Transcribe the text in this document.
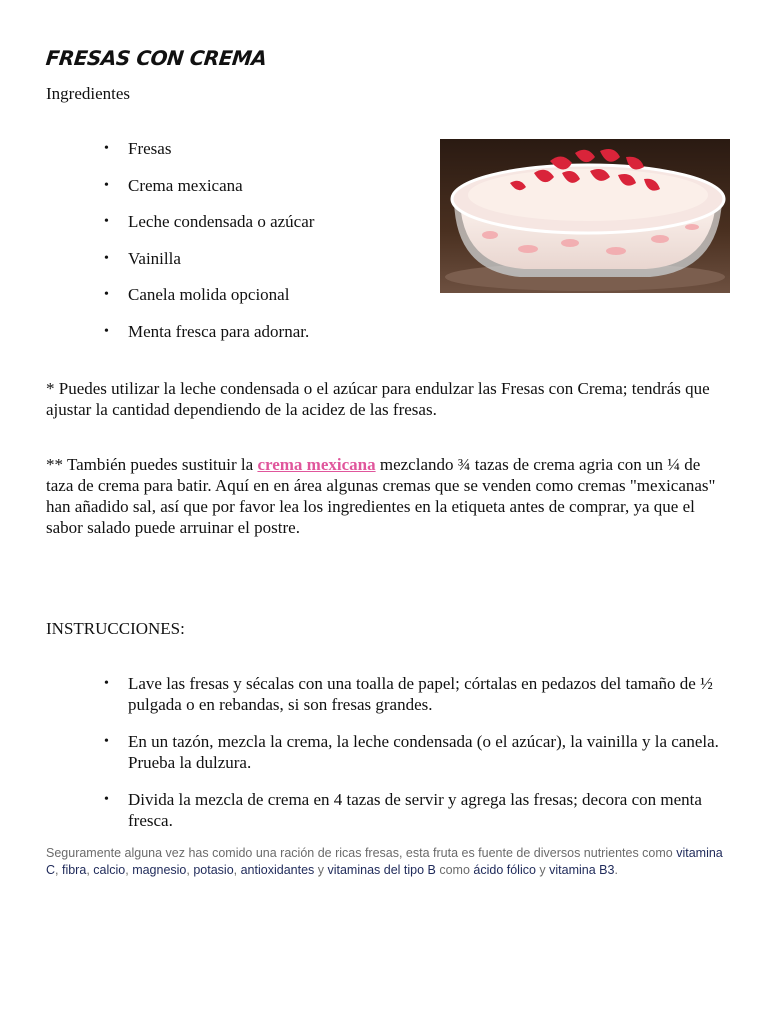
FRESAS CON CREMA
Ingredientes
• Fresas
• Crema mexicana
• Leche condensada o azúcar
• Vainilla
• Canela molida opcional
• Menta fresca para adornar.

* Puedes utilizar la leche condensada o el azúcar para endulzar las Fresas con Crema; tendrás que ajustar la cantidad dependiendo de la acidez de las fresas.

** También puedes sustituir la crema mexicana mezclando ¾ tazas de crema agria con un ¼ de taza de crema para batir. Aquí en en área algunas cremas que se venden como cremas "mexicanas" han añadido sal, así que por favor lea los ingredientes en la etiqueta antes de comprar, ya que el sabor salado puede arruinar el postre.

INSTRUCCIONES:
• Lave las fresas y sécalas con una toalla de papel; córtalas en pedazos del tamaño de ½ pulgada o en rebandas, si son fresas grandes.
• En un tazón, mezcla la crema, la leche condensada (o el azúcar), la vainilla y la canela. Prueba la dulzura.
• Divida la mezcla de crema en 4 tazas de servir y agrega las fresas; decora con menta fresca.
Seguramente alguna vez has comido una ración de ricas fresas, esta fruta es fuente de diversos nutrientes como vitamina C, fibra, calcio, magnesio, potasio, antioxidantes y vitaminas del tipo B como ácido fólico y vitamina B3.
